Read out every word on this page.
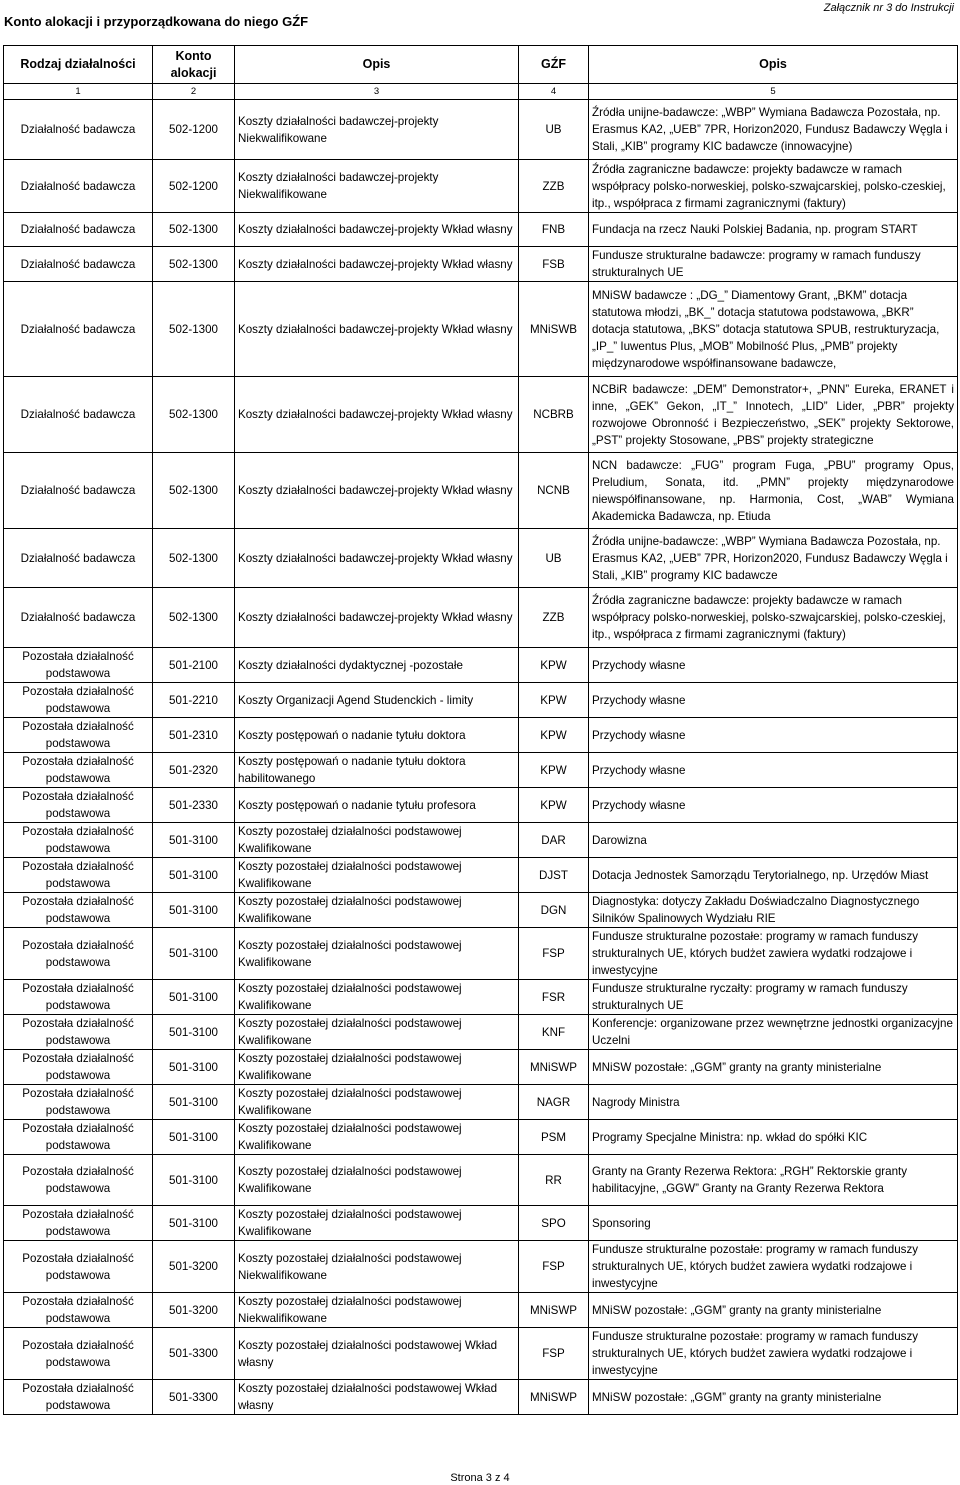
Konto alokacji i przyporządkowana do niego GŹF
Załącznik nr 3 do Instrukcji
Rodzaj działalności	Konto alokacji	Opis	GŹF	Opis
1	2	3	4	5
Działalność badawcza	502-1200	Koszty działalności badawczej-projekty Niekwalifikowane	UB	Źródła unijne-badawcze: „WBP” Wymiana Badawcza Pozostała, np. Erasmus KA2, „UEB” 7PR, Horizon2020, Fundusz Badawczy Węgla i Stali, „KIB” programy KIC badawcze (innowacyjne)
Działalność badawcza	502-1200	Koszty działalności badawczej-projekty Niekwalifikowane	ZZB	Źródła zagraniczne badawcze: projekty badawcze w ramach współpracy polsko-norweskiej, polsko-szwajcarskiej, polsko-czeskiej, itp., współpraca z firmami zagranicznymi (faktury)
Działalność badawcza	502-1300	Koszty działalności badawczej-projekty Wkład własny	FNB	Fundacja na rzecz Nauki Polskiej Badania, np. program START
Działalność badawcza	502-1300	Koszty działalności badawczej-projekty Wkład własny	FSB	Fundusze strukturalne badawcze: programy w ramach funduszy strukturalnych UE
Działalność badawcza	502-1300	Koszty działalności badawczej-projekty Wkład własny	MNiSWB	MNiSW badawcze : „DG_” Diamentowy Grant, „BKM” dotacja statutowa młodzi, „BK_” dotacja statutowa podstawowa, „BKR” dotacja statutowa, „BKS” dotacja statutowa SPUB, restrukturyzacja, „IP_” Iuwentus Plus, „MOB” Mobilność Plus, „PMB” projekty międzynarodowe współfinansowane badawcze,
Działalność badawcza	502-1300	Koszty działalności badawczej-projekty Wkład własny	NCBRB	NCBiR badawcze: „DEM” Demonstrator+, „PNN” Eureka, ERANET i inne, „GEK” Gekon, „IT_” Innotech, „LID” Lider, „PBR” projekty rozwojowe Obronność i Bezpieczeństwo, „SEK” projekty Sektorowe, „PST” projekty Stosowane, „PBS” projekty strategiczne
Działalność badawcza	502-1300	Koszty działalności badawczej-projekty Wkład własny	NCNB	NCN badawcze: „FUG” program Fuga, „PBU” programy Opus, Preludium, Sonata, itd. „PMN” projekty międzynarodowe niewspółfinansowane, np. Harmonia, Cost, „WAB” Wymiana Akademicka Badawcza, np. Etiuda
Działalność badawcza	502-1300	Koszty działalności badawczej-projekty Wkład własny	UB	Źródła unijne-badawcze: „WBP” Wymiana Badawcza Pozostała, np. Erasmus KA2, „UEB” 7PR, Horizon2020, Fundusz Badawczy Węgla i Stali, „KIB” programy KIC badawcze
Działalność badawcza	502-1300	Koszty działalności badawczej-projekty Wkład własny	ZZB	Źródła zagraniczne badawcze: projekty badawcze w ramach współpracy polsko-norweskiej, polsko-szwajcarskiej, polsko-czeskiej, itp., współpraca z firmami zagranicznymi (faktury)
Pozostała działalność podstawowa	501-2100	Koszty działalności dydaktycznej -pozostałe	KPW	Przychody własne
Pozostała działalność podstawowa	501-2210	Koszty Organizacji Agend Studenckich - limity	KPW	Przychody własne
Pozostała działalność podstawowa	501-2310	Koszty postępowań o nadanie tytułu doktora	KPW	Przychody własne
Pozostała działalność podstawowa	501-2320	Koszty postępowań o nadanie tytułu doktora habilitowanego	KPW	Przychody własne
Pozostała działalność podstawowa	501-2330	Koszty postępowań o nadanie tytułu profesora	KPW	Przychody własne
Pozostała działalność podstawowa	501-3100	Koszty pozostałej działalności podstawowej Kwalifikowane	DAR	Darowizna
Pozostała działalność podstawowa	501-3100	Koszty pozostałej działalności podstawowej Kwalifikowane	DJST	Dotacja Jednostek Samorządu Terytorialnego, np. Urzędów Miast
Pozostała działalność podstawowa	501-3100	Koszty pozostałej działalności podstawowej Kwalifikowane	DGN	Diagnostyka: dotyczy Zakładu Doświadczalno Diagnostycznego Silników Spalinowych Wydziału RIE
Pozostała działalność podstawowa	501-3100	Koszty pozostałej działalności podstawowej Kwalifikowane	FSP	Fundusze strukturalne pozostałe: programy w ramach funduszy strukturalnych UE, których budżet zawiera wydatki rodzajowe i inwestycyjne
Pozostała działalność podstawowa	501-3100	Koszty pozostałej działalności podstawowej Kwalifikowane	FSR	Fundusze strukturalne ryczałty: programy w ramach funduszy strukturalnych UE
Pozostała działalność podstawowa	501-3100	Koszty pozostałej działalności podstawowej Kwalifikowane	KNF	Konferencje: organizowane przez wewnętrzne jednostki organizacyjne Uczelni
Pozostała działalność podstawowa	501-3100	Koszty pozostałej działalności podstawowej Kwalifikowane	MNiSWP	MNiSW pozostałe: „GGM” granty na granty ministerialne
Pozostała działalność podstawowa	501-3100	Koszty pozostałej działalności podstawowej Kwalifikowane	NAGR	Nagrody Ministra
Pozostała działalność podstawowa	501-3100	Koszty pozostałej działalności podstawowej Kwalifikowane	PSM	Programy Specjalne Ministra: np. wkład do spółki KIC
Pozostała działalność podstawowa	501-3100	Koszty pozostałej działalności podstawowej Kwalifikowane	RR	Granty na Granty Rezerwa Rektora: „RGH” Rektorskie granty habilitacyjne, „GGW” Granty na Granty Rezerwa Rektora
Pozostała działalność podstawowa	501-3100	Koszty pozostałej działalności podstawowej Kwalifikowane	SPO	Sponsoring
Pozostała działalność podstawowa	501-3200	Koszty pozostałej działalności podstawowej Niekwalifikowane	FSP	Fundusze strukturalne pozostałe: programy w ramach funduszy strukturalnych UE, których budżet zawiera wydatki rodzajowe i inwestycyjne
Pozostała działalność podstawowa	501-3200	Koszty pozostałej działalności podstawowej Niekwalifikowane	MNiSWP	MNiSW pozostałe: „GGM” granty na granty ministerialne
Pozostała działalność podstawowa	501-3300	Koszty pozostałej działalności podstawowej Wkład własny	FSP	Fundusze strukturalne pozostałe: programy w ramach funduszy strukturalnych UE, których budżet zawiera wydatki rodzajowe i inwestycyjne
Pozostała działalność podstawowa	501-3300	Koszty pozostałej działalności podstawowej Wkład własny	MNiSWP	MNiSW pozostałe: „GGM” granty na granty ministerialne
Strona 3 z 4
